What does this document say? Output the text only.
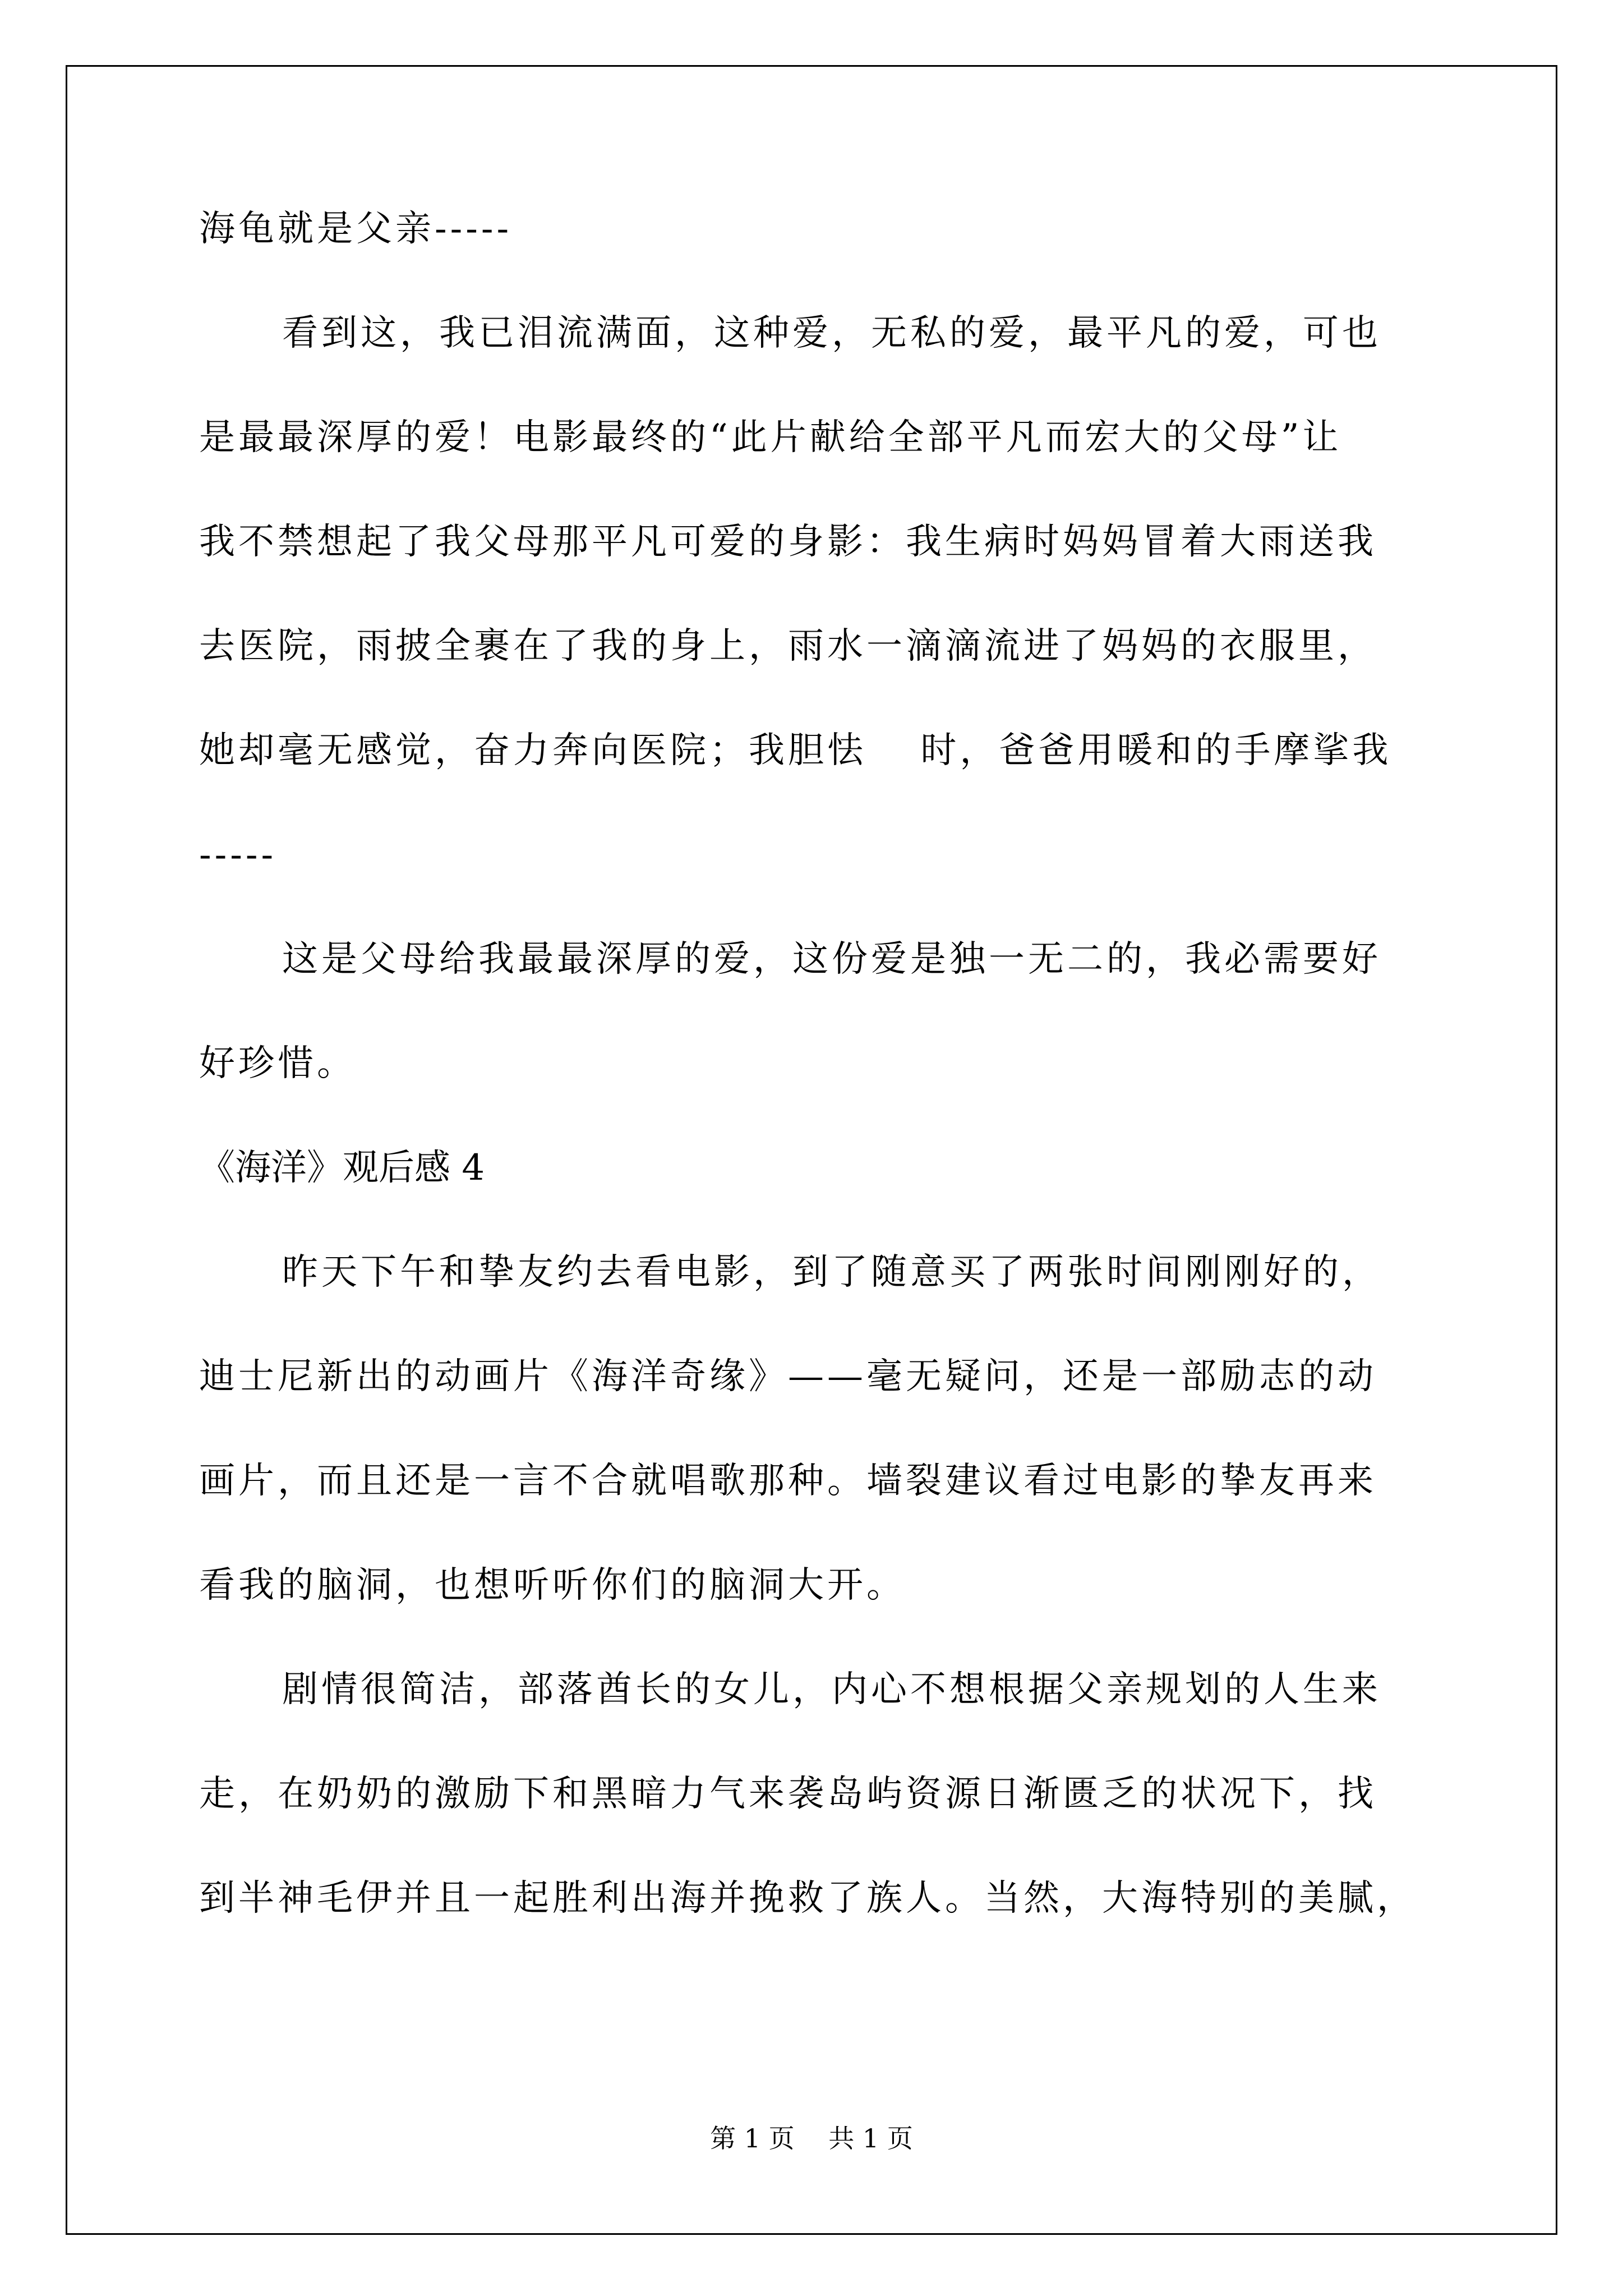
海龟就是父亲-----
看到这，我已泪流满面，这种爱，无私的爱，最平凡的爱，可也
是最最深厚的爱！电影最终的“此片献给全部平凡而宏大的父母”让
我不禁想起了我父母那平凡可爱的身影：我生病时妈妈冒着大雨送我
去医院，雨披全裹在了我的身上，雨水一滴滴流进了妈妈的衣服里，
她却毫无感觉，奋力奔向医院；我胆怯　 时，爸爸用暖和的手摩挲我
-----
这是父母给我最最深厚的爱，这份爱是独一无二的，我必需要好
好珍惜。
《海洋》观后感 4
昨天下午和挚友约去看电影，到了随意买了两张时间刚刚好的，
迪士尼新出的动画片《海洋奇缘》——毫无疑问，还是一部励志的动
画片，而且还是一言不合就唱歌那种。墙裂建议看过电影的挚友再来
看我的脑洞，也想听听你们的脑洞大开。
剧情很简洁，部落酋长的女儿，内心不想根据父亲规划的人生来
走，在奶奶的激励下和黑暗力气来袭岛屿资源日渐匮乏的状况下，找
到半神毛伊并且一起胜利出海并挽救了族人。当然，大海特别的美腻，
第 1 页　 共 1 页
